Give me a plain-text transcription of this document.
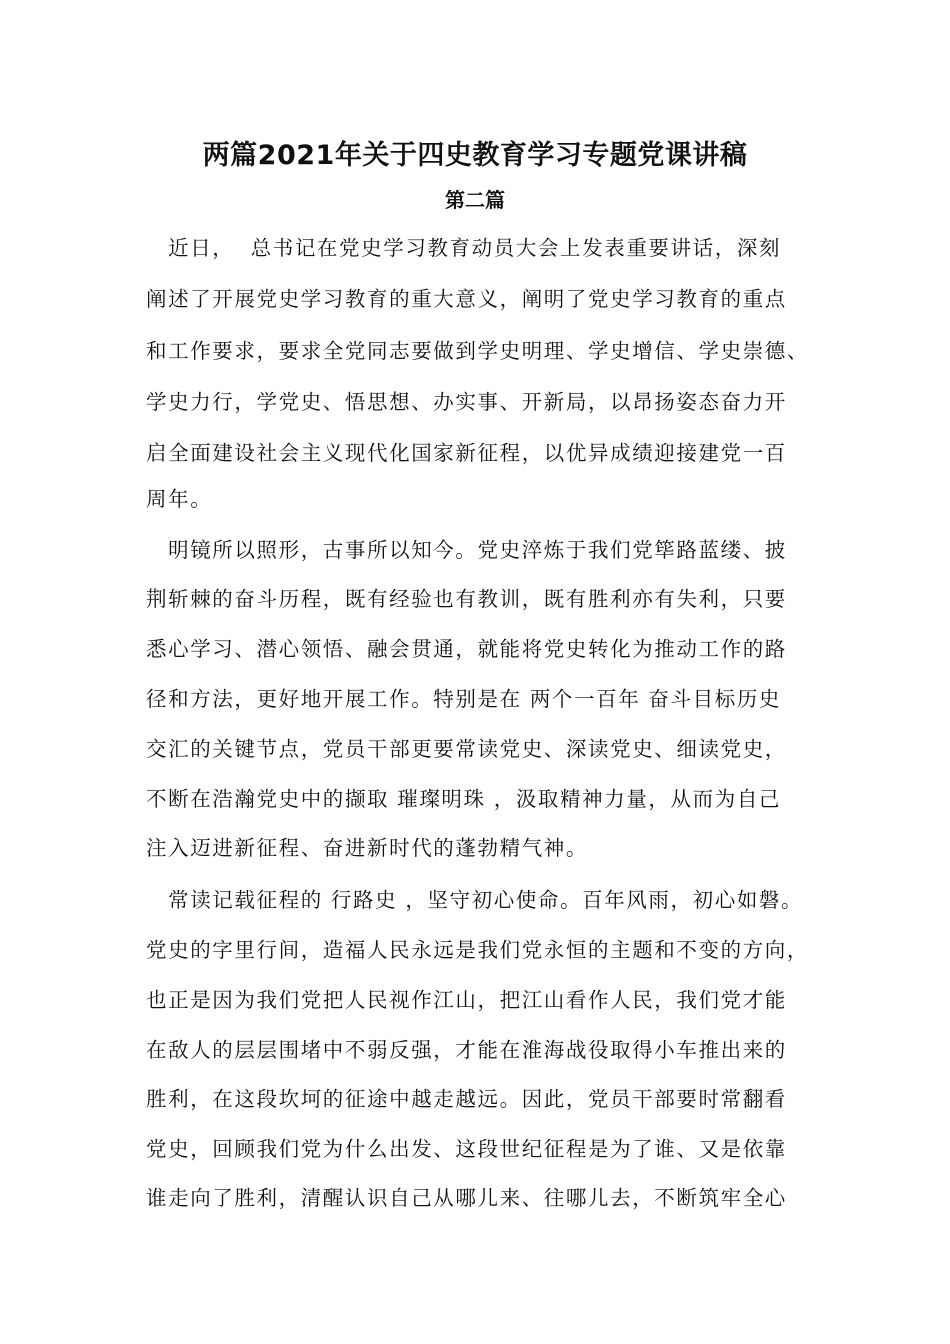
两篇2021年关于四史教育学习专题党课讲稿
第二篇
　近日，  总书记在党史学习教育动员大会上发表重要讲话，深刻
阐述了开展党史学习教育的重大意义，阐明了党史学习教育的重点
和工作要求，要求全党同志要做到学史明理、学史增信、学史崇德、
学史力行，学党史、悟思想、办实事、开新局，以昂扬姿态奋力开
启全面建设社会主义现代化国家新征程，以优异成绩迎接建党一百
周年。
　明镜所以照形，古事所以知今。党史淬炼于我们党筚路蓝缕、披
荆斩棘的奋斗历程，既有经验也有教训，既有胜利亦有失利，只要
悉心学习、潜心领悟、融会贯通，就能将党史转化为推动工作的路
径和方法，更好地开展工作。特别是在 两个一百年 奋斗目标历史
交汇的关键节点，党员干部更要常读党史、深读党史、细读党史，
不断在浩瀚党史中的撷取 璀璨明珠 ，汲取精神力量，从而为自己
注入迈进新征程、奋进新时代的蓬勃精气神。
　常读记载征程的 行路史 ，坚守初心使命。百年风雨，初心如磐。
党史的字里行间，造福人民永远是我们党永恒的主题和不变的方向，
也正是因为我们党把人民视作江山，把江山看作人民，我们党才能
在敌人的层层围堵中不弱反强，才能在淮海战役取得小车推出来的
胜利，在这段坎坷的征途中越走越远。因此，党员干部要时常翻看
党史，回顾我们党为什么出发、这段世纪征程是为了谁、又是依靠
谁走向了胜利，清醒认识自己从哪儿来、往哪儿去，不断筑牢全心
